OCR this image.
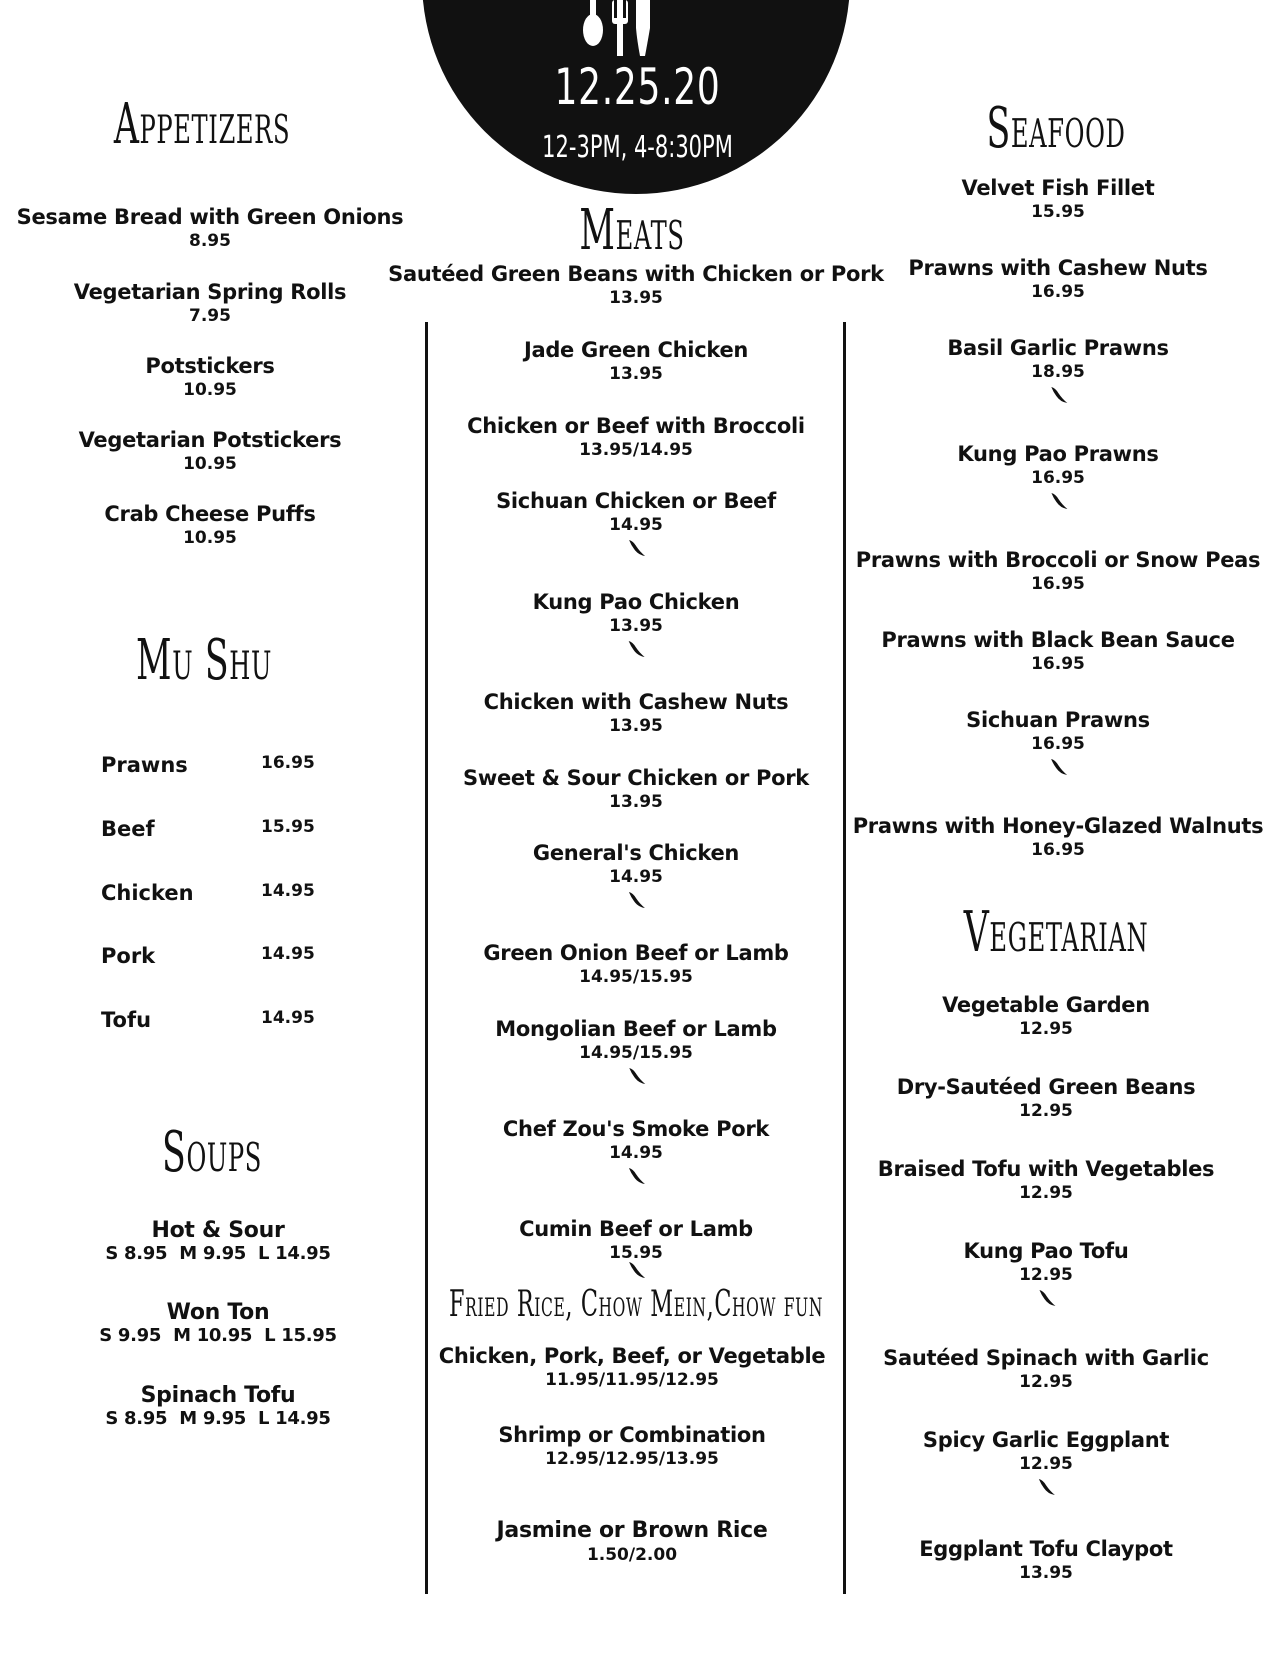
12.25.20
12-3PM, 4-8:30PM
Appetizers
Mu Shu
Soups
Meats
Fried Rice, Chow Mein,Chow fun
Seafood
Vegetarian
Sesame Bread with Green Onions
8.95
Vegetarian Spring Rolls
7.95
Potstickers
10.95
Vegetarian Potstickers
10.95
Crab Cheese Puffs
10.95
Prawns	16.95
Beef	15.95
Chicken	14.95
Pork	14.95
Tofu	14.95
Hot & Sour
S 8.95 M 9.95 L 14.95
Won Ton
S 9.95 M 10.95 L 15.95
Spinach Tofu
S 8.95 M 9.95 L 14.95
Sautéed Green Beans with Chicken or Pork
13.95
Jade Green Chicken
13.95
Chicken or Beef with Broccoli
13.95/14.95
Sichuan Chicken or Beef
14.95
Kung Pao Chicken
13.95
Chicken with Cashew Nuts
13.95
Sweet & Sour Chicken or Pork
13.95
General's Chicken
14.95
Green Onion Beef or Lamb
14.95/15.95
Mongolian Beef or Lamb
14.95/15.95
Chef Zou's Smoke Pork
14.95
Cumin Beef or Lamb
15.95
Chicken, Pork, Beef, or Vegetable
11.95/11.95/12.95
Shrimp or Combination
12.95/12.95/13.95
Jasmine or Brown Rice
1.50/2.00
Velvet Fish Fillet
15.95
Prawns with Cashew Nuts
16.95
Basil Garlic Prawns
18.95
Kung Pao Prawns
16.95
Prawns with Broccoli or Snow Peas
16.95
Prawns with Black Bean Sauce
16.95
Sichuan Prawns
16.95
Prawns with Honey-Glazed Walnuts
16.95
Vegetable Garden
12.95
Dry-Sautéed Green Beans
12.95
Braised Tofu with Vegetables
12.95
Kung Pao Tofu
12.95
Sautéed Spinach with Garlic
12.95
Spicy Garlic Eggplant
12.95
Eggplant Tofu Claypot
13.95
